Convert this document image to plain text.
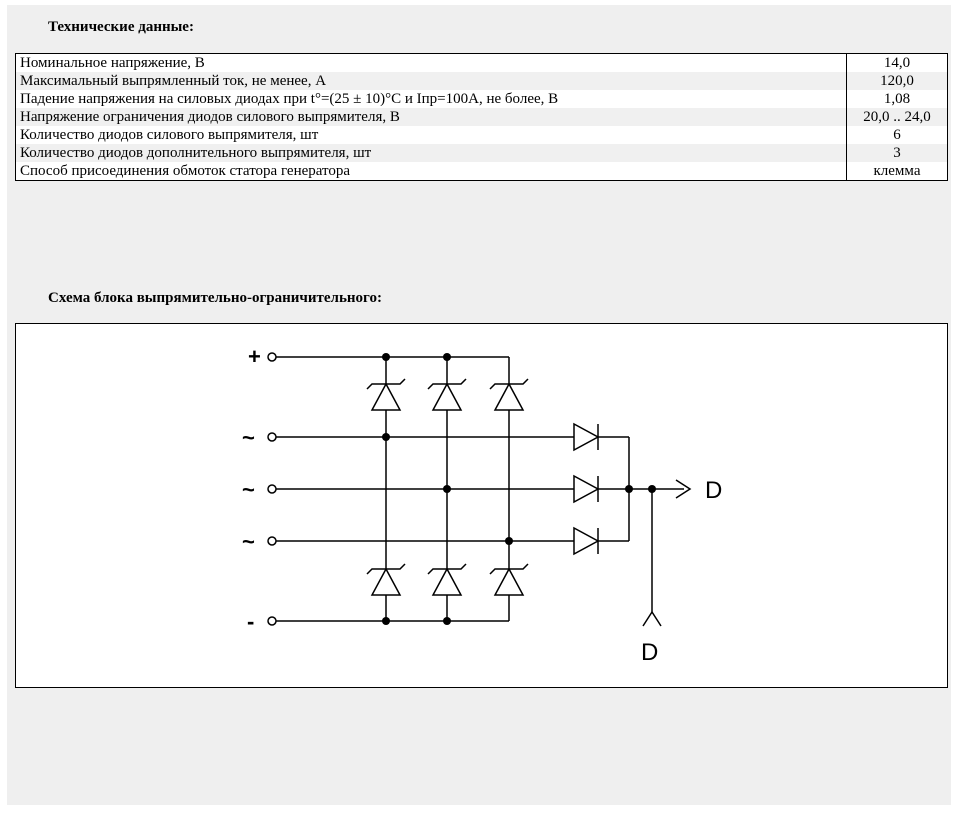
Технические данные:
Номинальное напряжение, В	14,0
Максимальный выпрямленный ток, не менее, А	120,0
Падение напряжения на силовых диодах при t°=(25 ± 10)°C и Iпр=100А, не более, В	1,08
Напряжение ограничения диодов силового выпрямителя, В	20,0 .. 24,0
Количество диодов силового выпрямителя, шт	6
Количество диодов дополнительного выпрямителя, шт	3
Способ присоединения обмоток статора генератора	клемма
Схема блока выпрямительно-ограничительного:
+
~
~
~
-
D
D
